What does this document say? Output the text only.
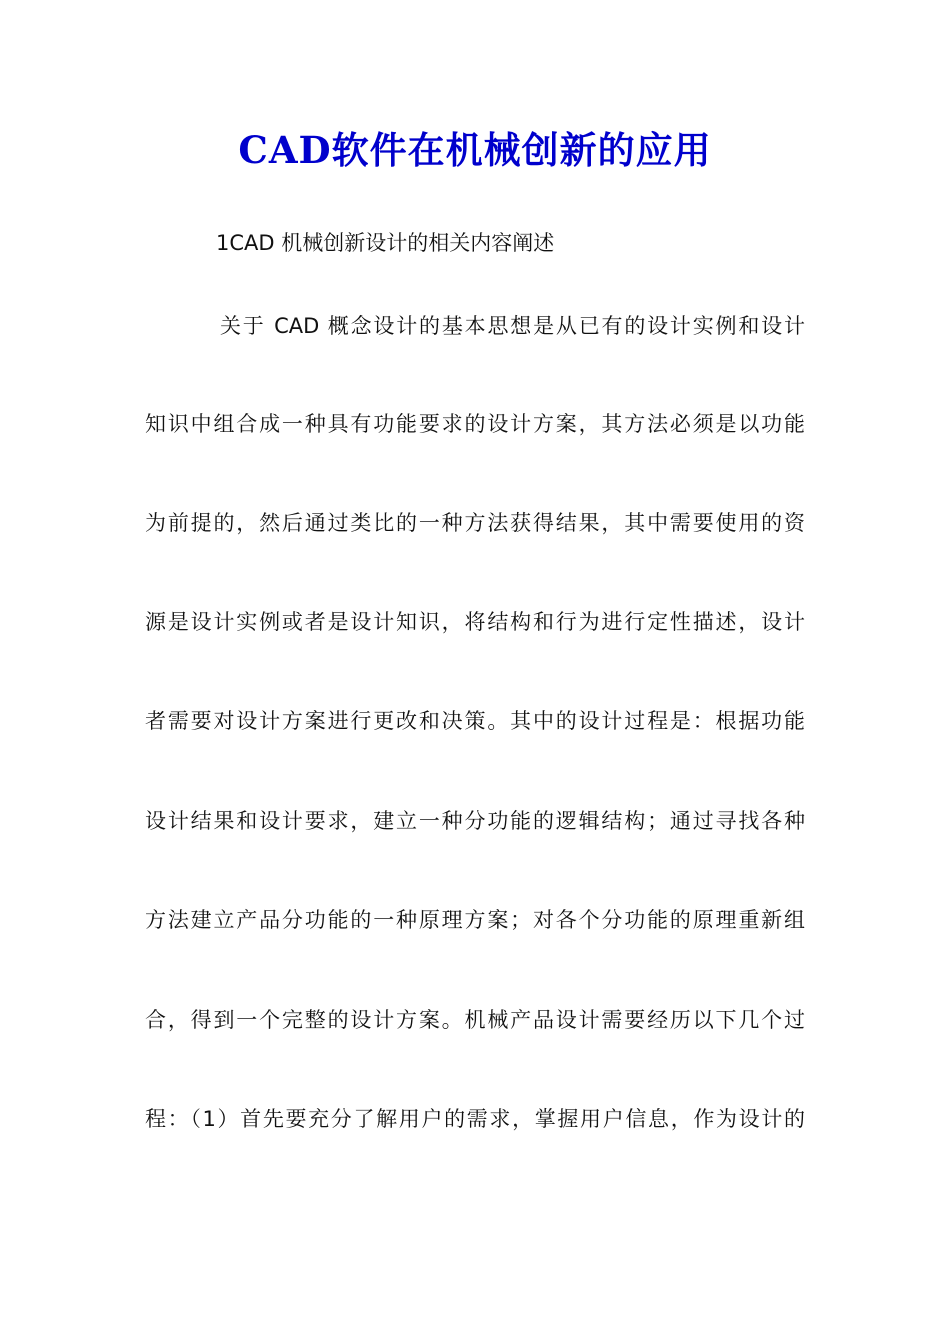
CAD软件在机械创新的应用
1CAD 机械创新设计的相关内容阐述
关于 CAD 概念设计的基本思想是从已有的设计实例和设计
知识中组合成一种具有功能要求的设计方案，其方法必须是以功能
为前提的，然后通过类比的一种方法获得结果，其中需要使用的资
源是设计实例或者是设计知识，将结构和行为进行定性描述，设计
者需要对设计方案进行更改和决策。其中的设计过程是：根据功能
设计结果和设计要求，建立一种分功能的逻辑结构；通过寻找各种
方法建立产品分功能的一种原理方案；对各个分功能的原理重新组
合，得到一个完整的设计方案。机械产品设计需要经历以下几个过
程：（1）首先要充分了解用户的需求，掌握用户信息，作为设计的
